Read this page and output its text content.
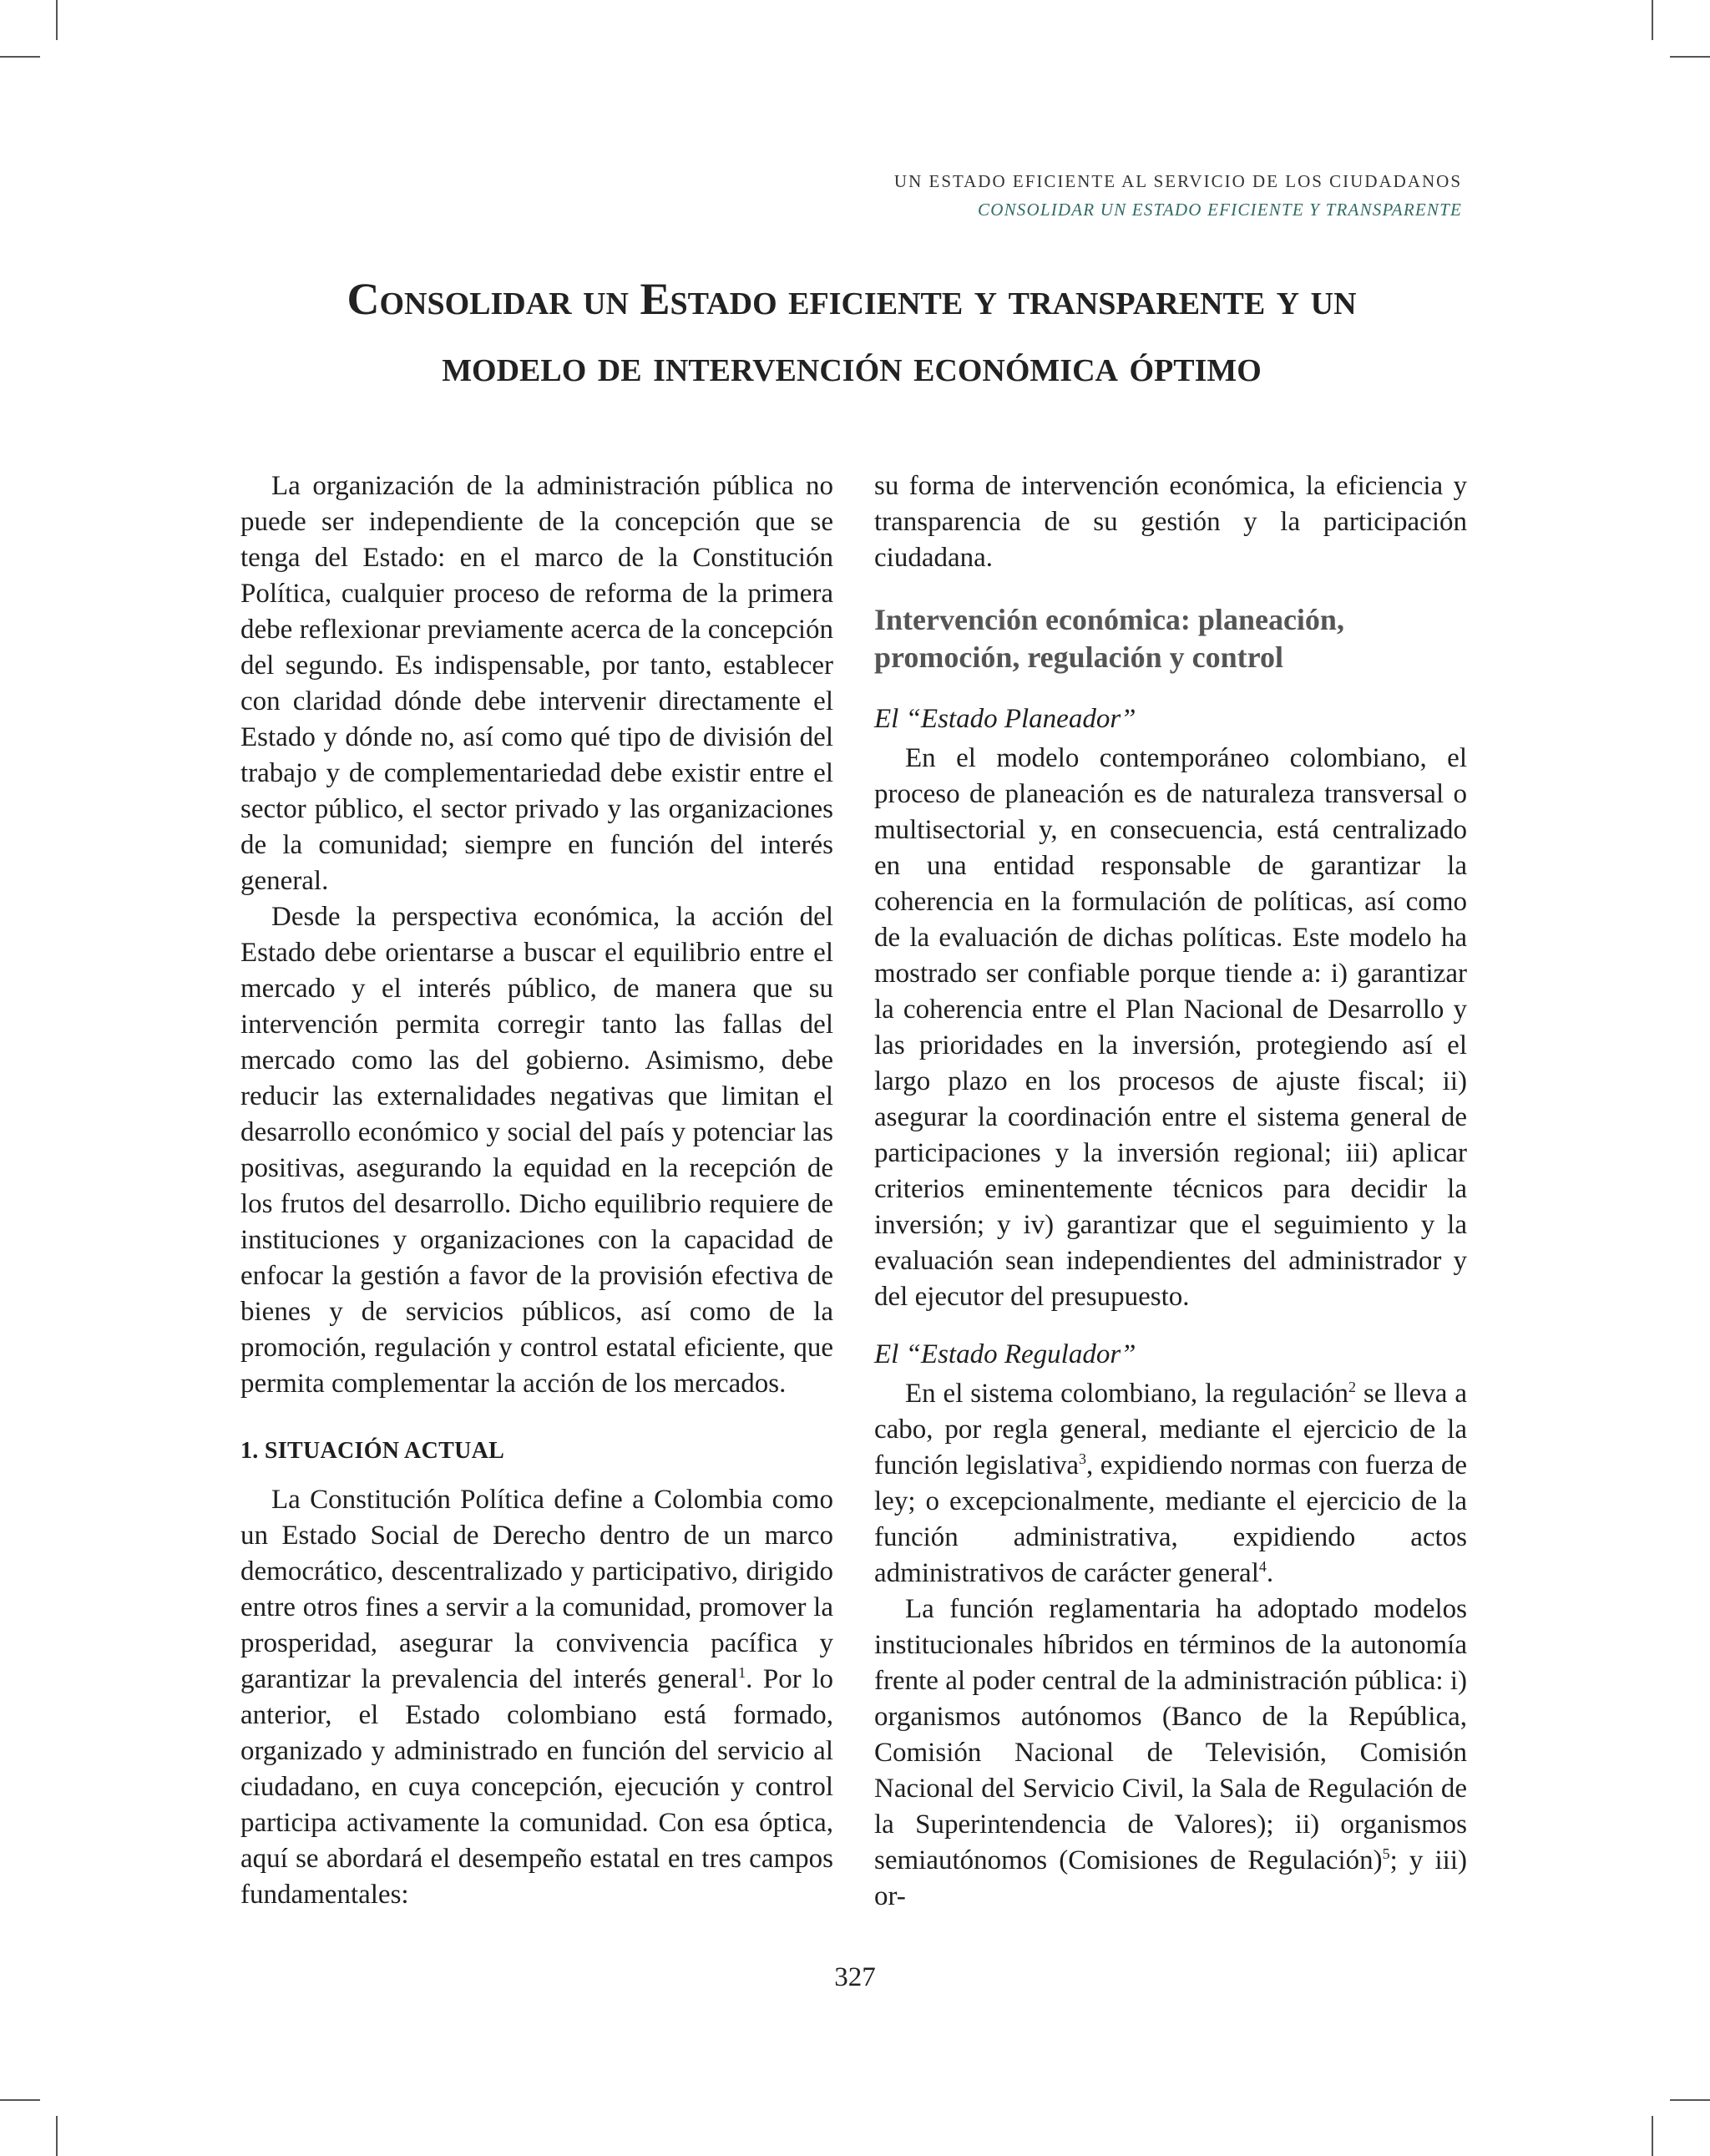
UN ESTADO EFICIENTE AL SERVICIO DE LOS CIUDADANOS
CONSOLIDAR UN ESTADO EFICIENTE Y TRANSPARENTE
Consolidar un Estado eficiente y transparente y un
modelo de intervención económica óptimo

La organización de la administración pública no puede ser independiente de la concepción que se tenga del Estado: en el marco de la Constitución Política, cualquier proceso de reforma de la primera debe reflexionar previamente acerca de la concepción del segundo. Es indispensable, por tanto, establecer con claridad dónde debe intervenir directamente el Estado y dónde no, así como qué tipo de división del trabajo y de complementariedad debe existir entre el sector público, el sector privado y las organizaciones de la comunidad; siempre en función del interés general.

Desde la perspectiva económica, la acción del Estado debe orientarse a buscar el equilibrio entre el mercado y el interés público, de manera que su intervención permita corregir tanto las fallas del mercado como las del gobierno. Asimismo, debe reducir las externalidades negativas que limitan el desarrollo económico y social del país y potenciar las positivas, asegurando la equidad en la recepción de los frutos del desarrollo. Dicho equilibrio requiere de instituciones y organizaciones con la capacidad de enfocar la gestión a favor de la provisión efectiva de bienes y de servicios públicos, así como de la promoción, regulación y control estatal eficiente, que permita complementar la acción de los mercados.

1. SITUACIÓN ACTUAL

La Constitución Política define a Colombia como un Estado Social de Derecho dentro de un marco democrático, descentralizado y participativo, dirigido entre otros fines a servir a la comunidad, promover la prosperidad, asegurar la convivencia pacífica y garantizar la prevalencia del interés general$^1$. Por lo anterior, el Estado colombiano está formado, organizado y administrado en función del servicio al ciudadano, en cuya concepción, ejecución y control participa activamente la comunidad. Con esa óptica, aquí se abordará el desempeño estatal en tres campos fundamentales:

su forma de intervención económica, la eficiencia y transparencia de su gestión y la participación ciudadana.

Intervención económica: planeación, promoción, regulación y control
El “Estado Planeador”

En el modelo contemporáneo colombiano, el proceso de planeación es de naturaleza transversal o multisectorial y, en consecuencia, está centralizado en una entidad responsable de garantizar la coherencia en la formulación de políticas, así como de la evaluación de dichas políticas. Este modelo ha mostrado ser confiable porque tiende a: i) garantizar la coherencia entre el Plan Nacional de Desarrollo y las prioridades en la inversión, protegiendo así el largo plazo en los procesos de ajuste fiscal; ii) asegurar la coordinación entre el sistema general de participaciones y la inversión regional; iii) aplicar criterios eminentemente técnicos para decidir la inversión; y iv) garantizar que el seguimiento y la evaluación sean independientes del administrador y del ejecutor del presupuesto.

El “Estado Regulador”

En el sistema colombiano, la regulación$^2$ se lleva a cabo, por regla general, mediante el ejercicio de la función legislativa$^3$, expidiendo normas con fuerza de ley; o excepcionalmente, mediante el ejercicio de la función administrativa, expidiendo actos administrativos de carácter general$^4$.

La función reglamentaria ha adoptado modelos institucionales híbridos en términos de la autonomía frente al poder central de la administración pública: i) organismos autónomos (Banco de la República, Comisión Nacional de Televisión, Comisión Nacional del Servicio Civil, la Sala de Regulación de la Superintendencia de Valores); ii) organismos semiautónomos (Comisiones de Regulación)$^5$; y iii) or-

327
